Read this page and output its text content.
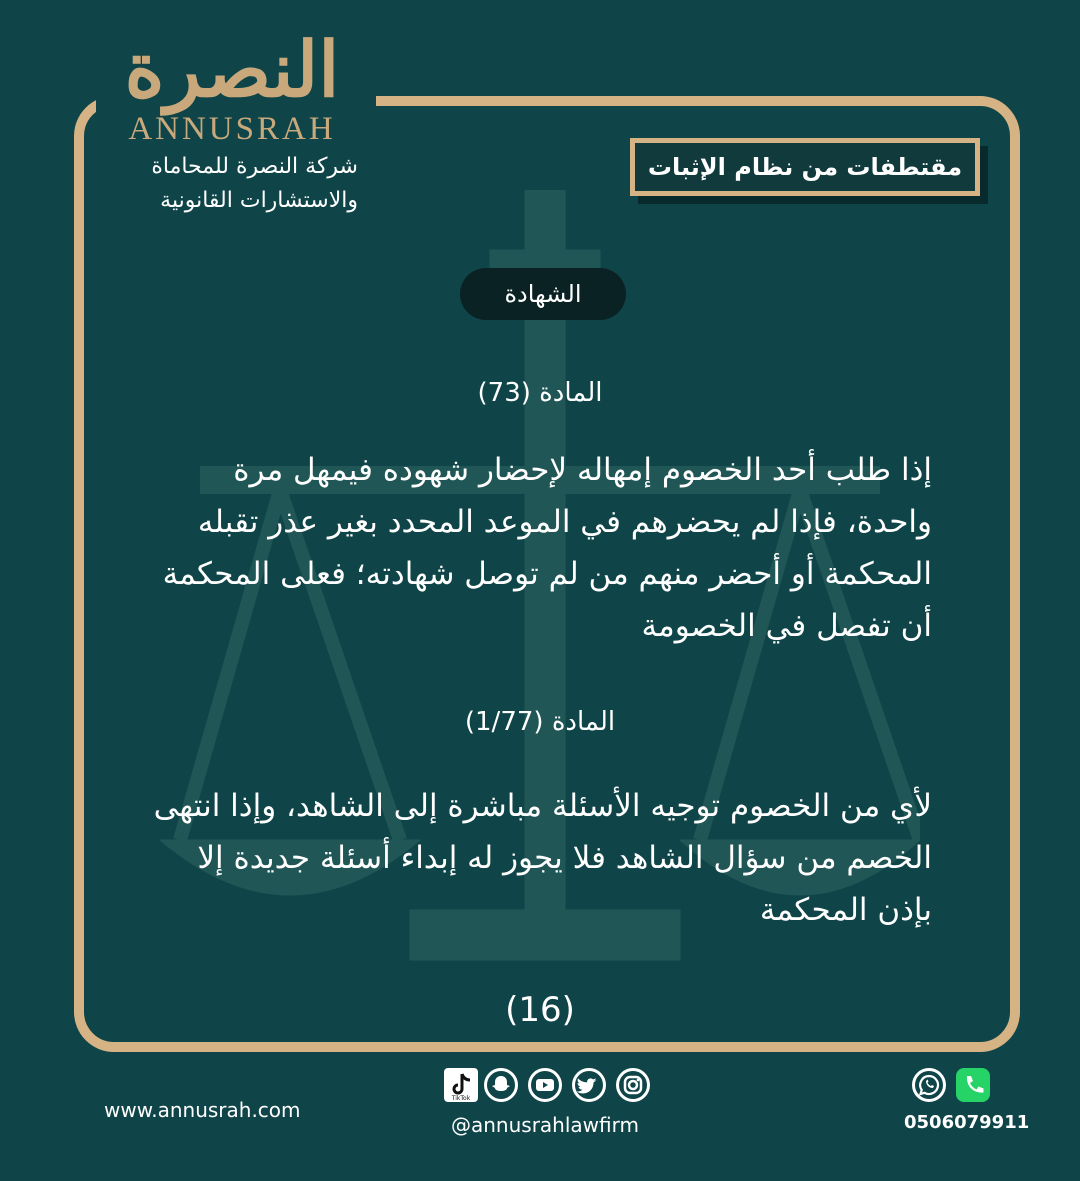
النصرة
ANNUSRAH
شركة النصرة للمحاماة
والاستشارات القانونية
مقتطفات من نظام الإثبات
الشهادة
المادة (73)
إذا طلب أحد الخصوم إمهاله لإحضار شهوده فيمهل مرة واحدة، فإذا لم يحضرهم في الموعد المحدد بغير عذر تقبله المحكمة أو أحضر منهم من لم توصل شهادته؛ فعلى المحكمة أن تفصل في الخصومة
المادة (1/77)
لأي من الخصوم توجيه الأسئلة مباشرة إلى الشاهد، وإذا انتهى الخصم من سؤال الشاهد فلا يجوز له إبداء أسئلة جديدة إلا بإذن المحكمة
(16)
www.annusrah.com	TikTok
@annusrahlawfirm	0506079911
